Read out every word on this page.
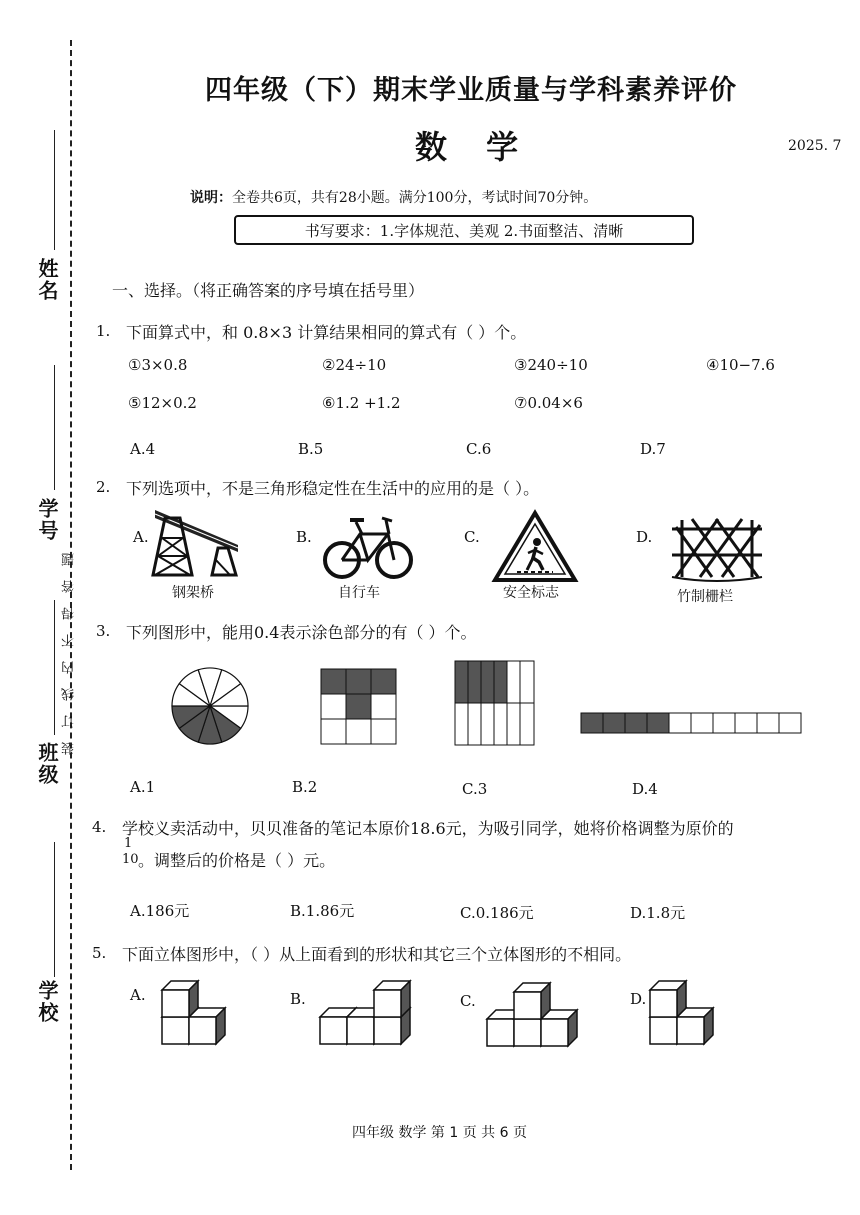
姓名
学号
班级
学校
装订线内不得答题
四年级（下）期末学业质量与学科素养评价
数 学	2025. 7
说明：全卷共6页，共有28小题。满分100分，考试时间70分钟。
书写要求：1.字体规范、美观 2.书面整洁、清晰
一、选择。（将正确答案的序号填在括号里）
1. 下面算式中，和 0.8×3 计算结果相同的算式有（ ）个。
①3×0.8	②24÷10	③240÷10	④10−7.6
⑤12×0.2	⑥1.2 +1.2	⑦0.04×6
A.4	B.5	C.6	D.7
2. 下列选项中，不是三角形稳定性在生活中的应用的是（ ）。
A.
钢架桥
B.
自行车
C.
安全标志
D.
竹制栅栏
3. 下列图形中，能用0.4表示涂色部分的有（ ）个。
A.1	B.2	C.3	D.4
4. 学校义卖活动中，贝贝准备的笔记本原价18.6元，为吸引同学，她将价格调整为原价的
1
10 。调整后的价格是（ ）元。
A.186元	B.1.86元	C.0.186元	D.1.8元
5. 下面立体图形中，（ ）从上面看到的形状和其它三个立体图形的不相同。
A.	B.	C.	D.
四年级 数学 第 1 页 共 6 页
